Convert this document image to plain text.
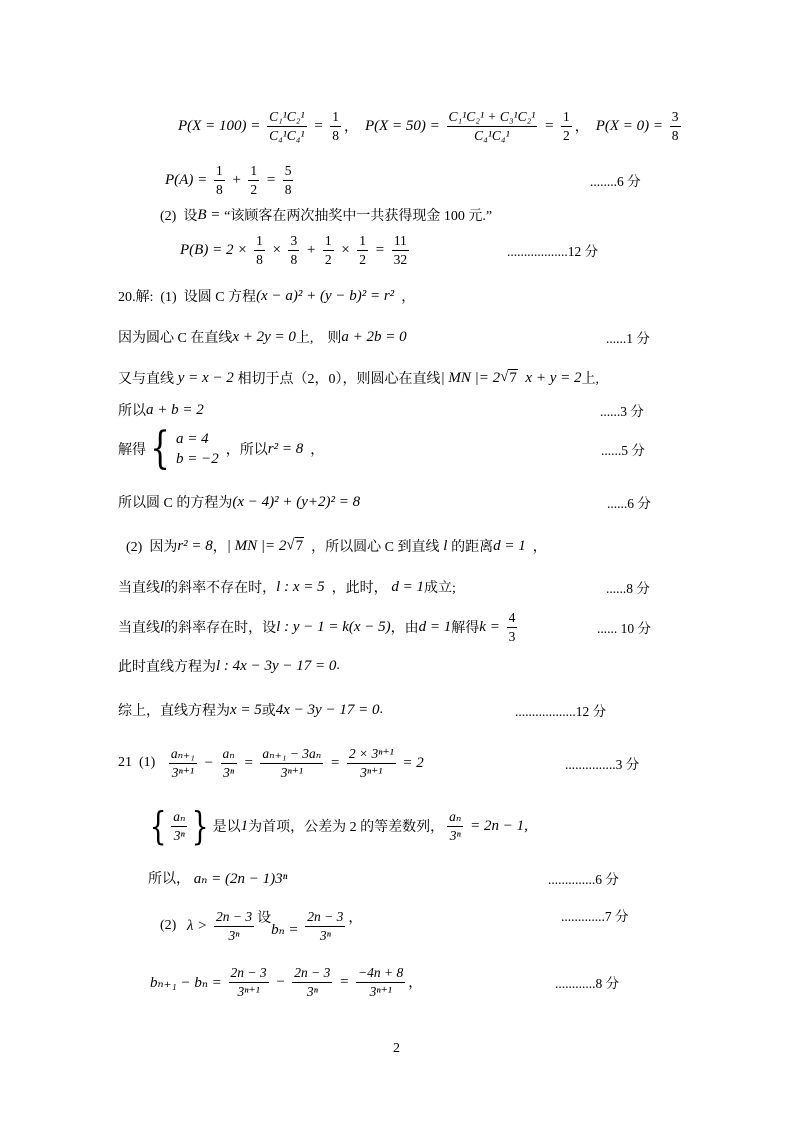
$P(X = 100) = \frac{\text{C₁¹C₂¹}}{\text{C₄¹C₄¹}} = \frac{1}{8}$ ， $P(X = 50) = \frac{\text{C₁¹C₂¹ + C₃¹C₂¹}}{\text{C₄¹C₄¹}} = \frac{1}{2}$ ， $P(X = 0) = \frac{3}{8}$
$P(A) = \frac{1}{8} + \frac{1}{2} = \frac{5}{8}$	........6 分
(2)  设 B = “该顾客在两次抽奖中一共获得现金 100 元.”
$P(B) = 2 \times \frac{1}{8} \times \frac{3}{8} + \frac{1}{2} \times \frac{1}{2} = \frac{11}{32}$	..................12 分
20.解:  (1)  设圆 C 方程 (x − a)² + (y − b)² = r² ，
因为圆心 C 在直线 x + 2y = 0 上,    则 a + 2b = 0	......1 分
又与直线 y = x − 2 相切于点（2，0），则圆心在直线 | MN |= 2 √ 7 x + y = 2 上,
所以 a + b = 2	......3 分
解得 { a = 4
b = −2
，所以 r² = 8 ，	......5 分
所以圆 C 的方程为 (x − 4)² + (y+2)² = 8	......6 分
(2)  因为 r² = 8 ， | MN |= 2 √ 7 ，所以圆心 C 到直线 l 的距离 d = 1 ，
当直线 l 的斜率不存在时， l : x = 5 ，此时， d = 1 成立;	......8 分
当直线 l 的斜率存在时，设 l : y − 1 = k(x − 5) ，由 d = 1 解得 $k = \frac{4}{3}$	...... 10 分
此时直线方程为 l : 4x − 3y − 17 = 0 .
综上，直线方程为 x = 5 或 4x − 3y − 17 = 0 .	..................12 分
21  $(1) \frac{\text{aₙ₊₁}}{\text{3ⁿ⁺¹}} - \frac{\text{aₙ}}{\text{3ⁿ}} = \frac{\text{aₙ₊₁ − 3aₙ}}{\text{3ⁿ⁺¹}} = \frac{\text{2 × 3ⁿ⁺¹}}{\text{3ⁿ⁺¹}} = 2$	...............3 分
{ $\frac{\text{aₙ}}{\text{3ⁿ}}$ } 是以 1 为首项，公差为 2 的等差数列， $\frac{\text{aₙ}}{\text{3ⁿ}} = 2n - 1$,
所以， aₙ = (2n − 1)3ⁿ	..............6 分
(2) $\lambda > \frac{2n - 3}{\text{3ⁿ}}$ 设
$b_n = \frac{2n - 3}{\text{3ⁿ}}$ ，	.............7 分
$b_{n+1} - b_n = \frac{2n - 3}{\text{3ⁿ⁺¹}} - \frac{2n - 3}{\text{3ⁿ}} = \frac{-4n + 8}{\text{3ⁿ⁺¹}}$ ，	............8 分
2
